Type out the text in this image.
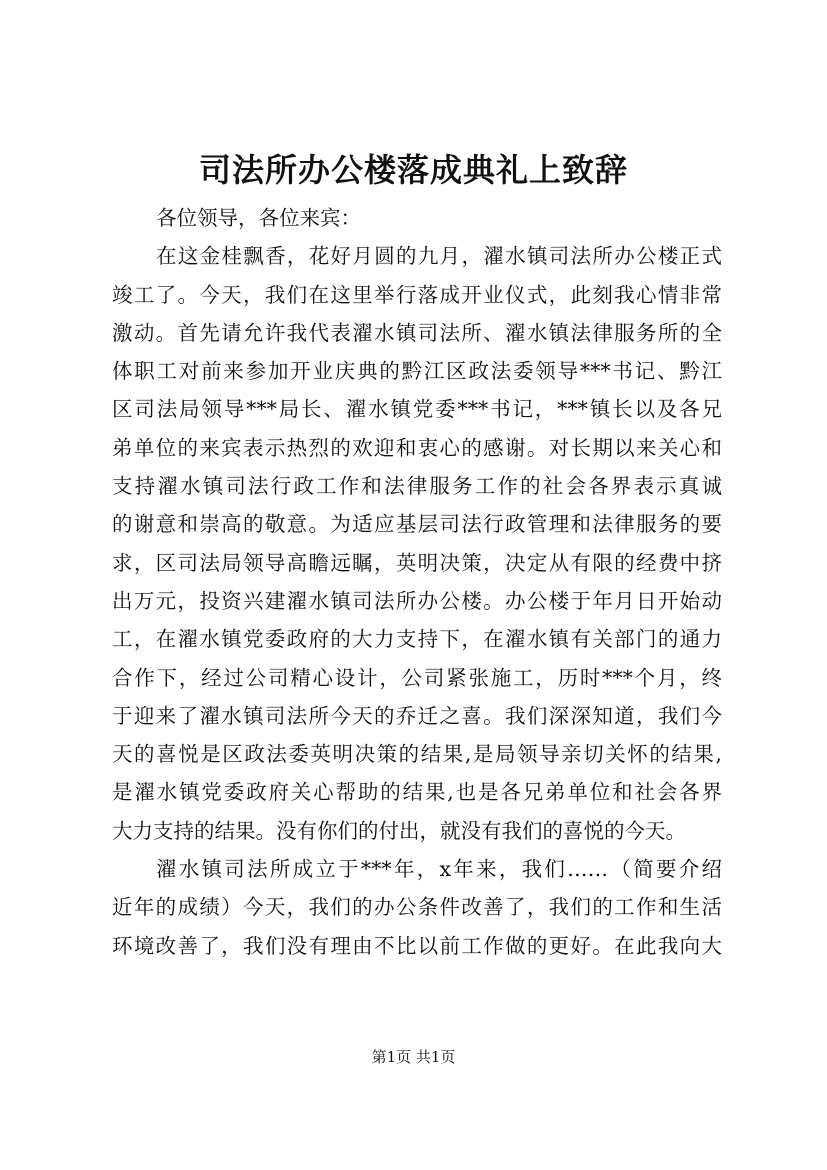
司法所办公楼落成典礼上致辞
各位领导，各位来宾：
在这金桂飘香，花好月圆的九月，濯水镇司法所办公楼正式
竣工了。今天，我们在这里举行落成开业仪式，此刻我心情非常
激动。首先请允许我代表濯水镇司法所、濯水镇法律服务所的全
体职工对前来参加开业庆典的黔江区政法委领导***书记、黔江
区司法局领导***局长、濯水镇党委***书记，***镇长以及各兄
弟单位的来宾表示热烈的欢迎和衷心的感谢。对长期以来关心和
支持濯水镇司法行政工作和法律服务工作的社会各界表示真诚
的谢意和崇高的敬意。为适应基层司法行政管理和法律服务的要
求，区司法局领导高瞻远瞩，英明决策，决定从有限的经费中挤
出万元，投资兴建濯水镇司法所办公楼。办公楼于年月日开始动
工，在濯水镇党委政府的大力支持下，在濯水镇有关部门的通力
合作下，经过公司精心设计，公司紧张施工，历时***个月，终
于迎来了濯水镇司法所今天的乔迁之喜。我们深深知道，我们今
天的喜悦是区政法委英明决策的结果,是局领导亲切关怀的结果,
是濯水镇党委政府关心帮助的结果,也是各兄弟单位和社会各界
大力支持的结果。没有你们的付出，就没有我们的喜悦的今天。
濯水镇司法所成立于***年，x年来，我们……（简要介绍
近年的成绩）今天，我们的办公条件改善了，我们的工作和生活
环境改善了，我们没有理由不比以前工作做的更好。在此我向大
第1页 共1页
